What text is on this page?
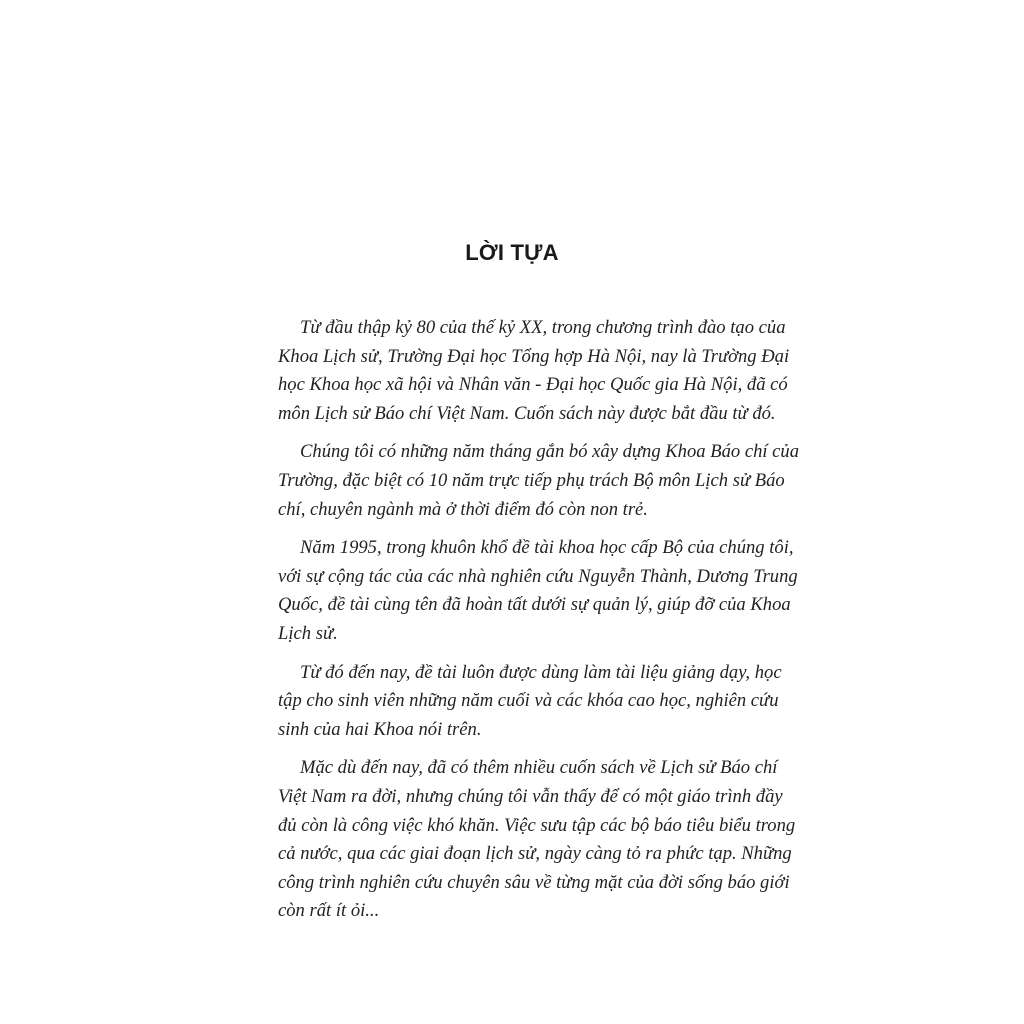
LỜI TỰA
Từ đầu thập kỷ 80 của thế kỷ XX, trong chương trình đào tạo của
Khoa Lịch sử, Trường Đại học Tổng hợp Hà Nội, nay là Trường Đại
học Khoa học xã hội và Nhân văn - Đại học Quốc gia Hà Nội, đã có
môn Lịch sử Báo chí Việt Nam. Cuốn sách này được bắt đầu từ đó.
Chúng tôi có những năm tháng gắn bó xây dựng Khoa Báo chí của
Trường, đặc biệt có 10 năm trực tiếp phụ trách Bộ môn Lịch sử Báo
chí, chuyên ngành mà ở thời điểm đó còn non trẻ.
Năm 1995, trong khuôn khổ đề tài khoa học cấp Bộ của chúng tôi,
với sự cộng tác của các nhà nghiên cứu Nguyễn Thành, Dương Trung
Quốc, đề tài cùng tên đã hoàn tất dưới sự quản lý, giúp đỡ của Khoa
Lịch sử.
Từ đó đến nay, đề tài luôn được dùng làm tài liệu giảng dạy, học
tập cho sinh viên những năm cuối và các khóa cao học, nghiên cứu
sinh của hai Khoa nói trên.
Mặc dù đến nay, đã có thêm nhiều cuốn sách về Lịch sử Báo chí
Việt Nam ra đời, nhưng chúng tôi vẫn thấy để có một giáo trình đầy
đủ còn là công việc khó khăn. Việc sưu tập các bộ báo tiêu biểu trong
cả nước, qua các giai đoạn lịch sử, ngày càng tỏ ra phức tạp. Những
công trình nghiên cứu chuyên sâu về từng mặt của đời sống báo giới
còn rất ít ỏi...
